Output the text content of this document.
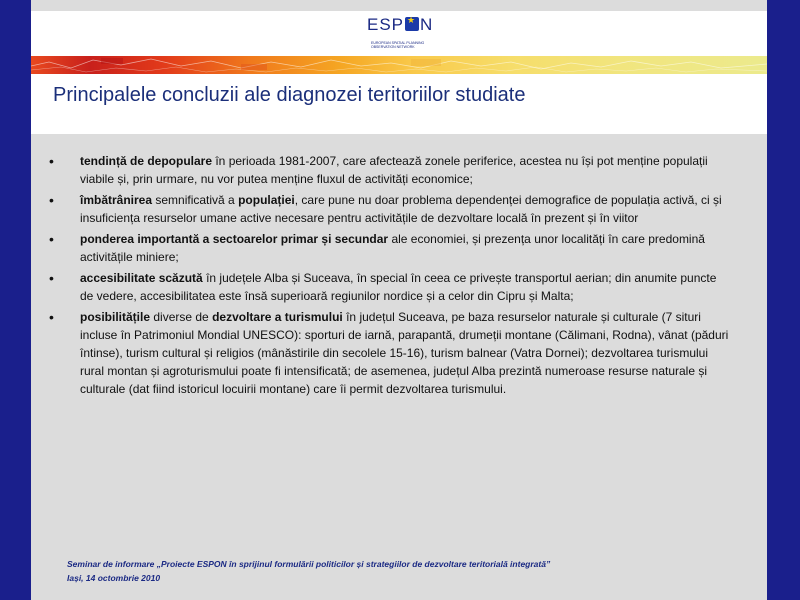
ESP★ N
EUROPEAN SPATIAL PLANNING
OBSERVATION NETWORK
Principalele concluzii ale diagnozei teritoriilor studiate
• tendință de depopulare în perioada 1981-2007, care afectează zonele periferice, acestea nu își pot menține populații viabile și, prin urmare, nu vor putea menține fluxul de activități economice;
• îmbătrânirea semnificativă a populației, care pune nu doar problema dependenței demografice de populația activă, ci și insuficiența resurselor umane active necesare pentru activitățile de dezvoltare locală în prezent și în viitor
• ponderea importantă a sectoarelor primar și secundar ale economiei, și prezența unor localități în care predomină activitățile miniere;
• accesibilitate scăzută în județele Alba și Suceava, în special în ceea ce privește transportul aerian; din anumite puncte de vedere, accesibilitatea este însă superioară regiunilor nordice și a celor din Cipru și Malta;
• posibilitățile diverse de dezvoltare a turismului în județul Suceava, pe baza resurselor naturale și culturale (7 situri incluse în Patrimoniul Mondial UNESCO): sporturi de iarnă, parapantă, drumeții montane (Călimani, Rodna), vânat (păduri întinse), turism cultural și religios (mânăstirile din secolele 15-16), turism balnear (Vatra Dornei); dezvoltarea turismului rural montan și agroturismului poate fi intensificată; de asemenea, județul Alba prezintă numeroase resurse naturale și culturale (dat fiind istoricul locuirii montane) care îi permit dezvoltarea turismului.
Seminar de informare „Proiecte ESPON în sprijinul formulării politicilor și strategiilor de dezvoltare teritorială integrată”
Iași, 14 octombrie 2010
